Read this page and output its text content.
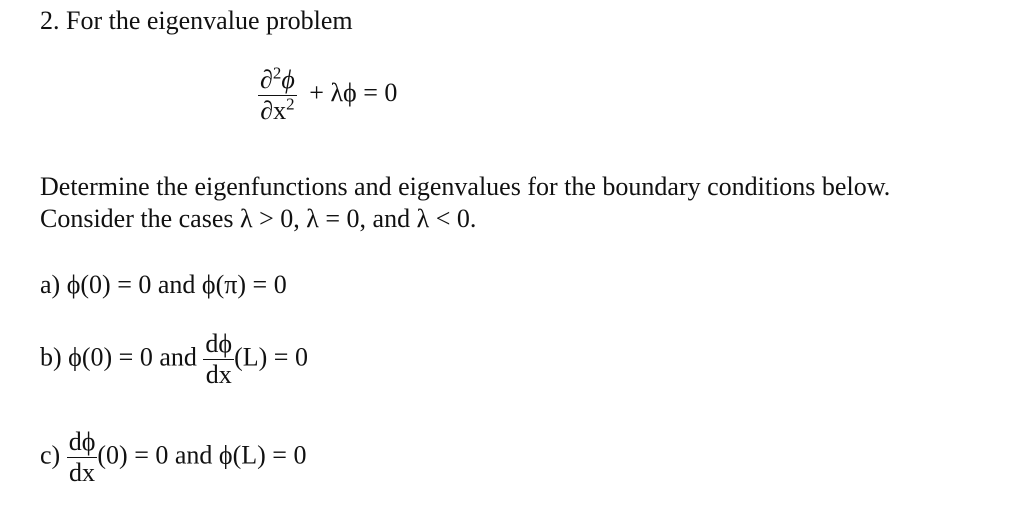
2. For the eigenvalue problem
$\frac{\partial^2\phi}{\partial x^2} + \lambda\phi = 0$
Determine the eigenfunctions and eigenvalues for the boundary conditions below.
Consider the cases λ > 0, λ = 0, and λ < 0.
a) ϕ(0) = 0 and ϕ(π) = 0
b) ϕ(0) = 0 and $\frac{d\phi}{dx} (L) = 0$
$c) \frac{d\phi}{dx} (0) = 0$ and ϕ(L) = 0
